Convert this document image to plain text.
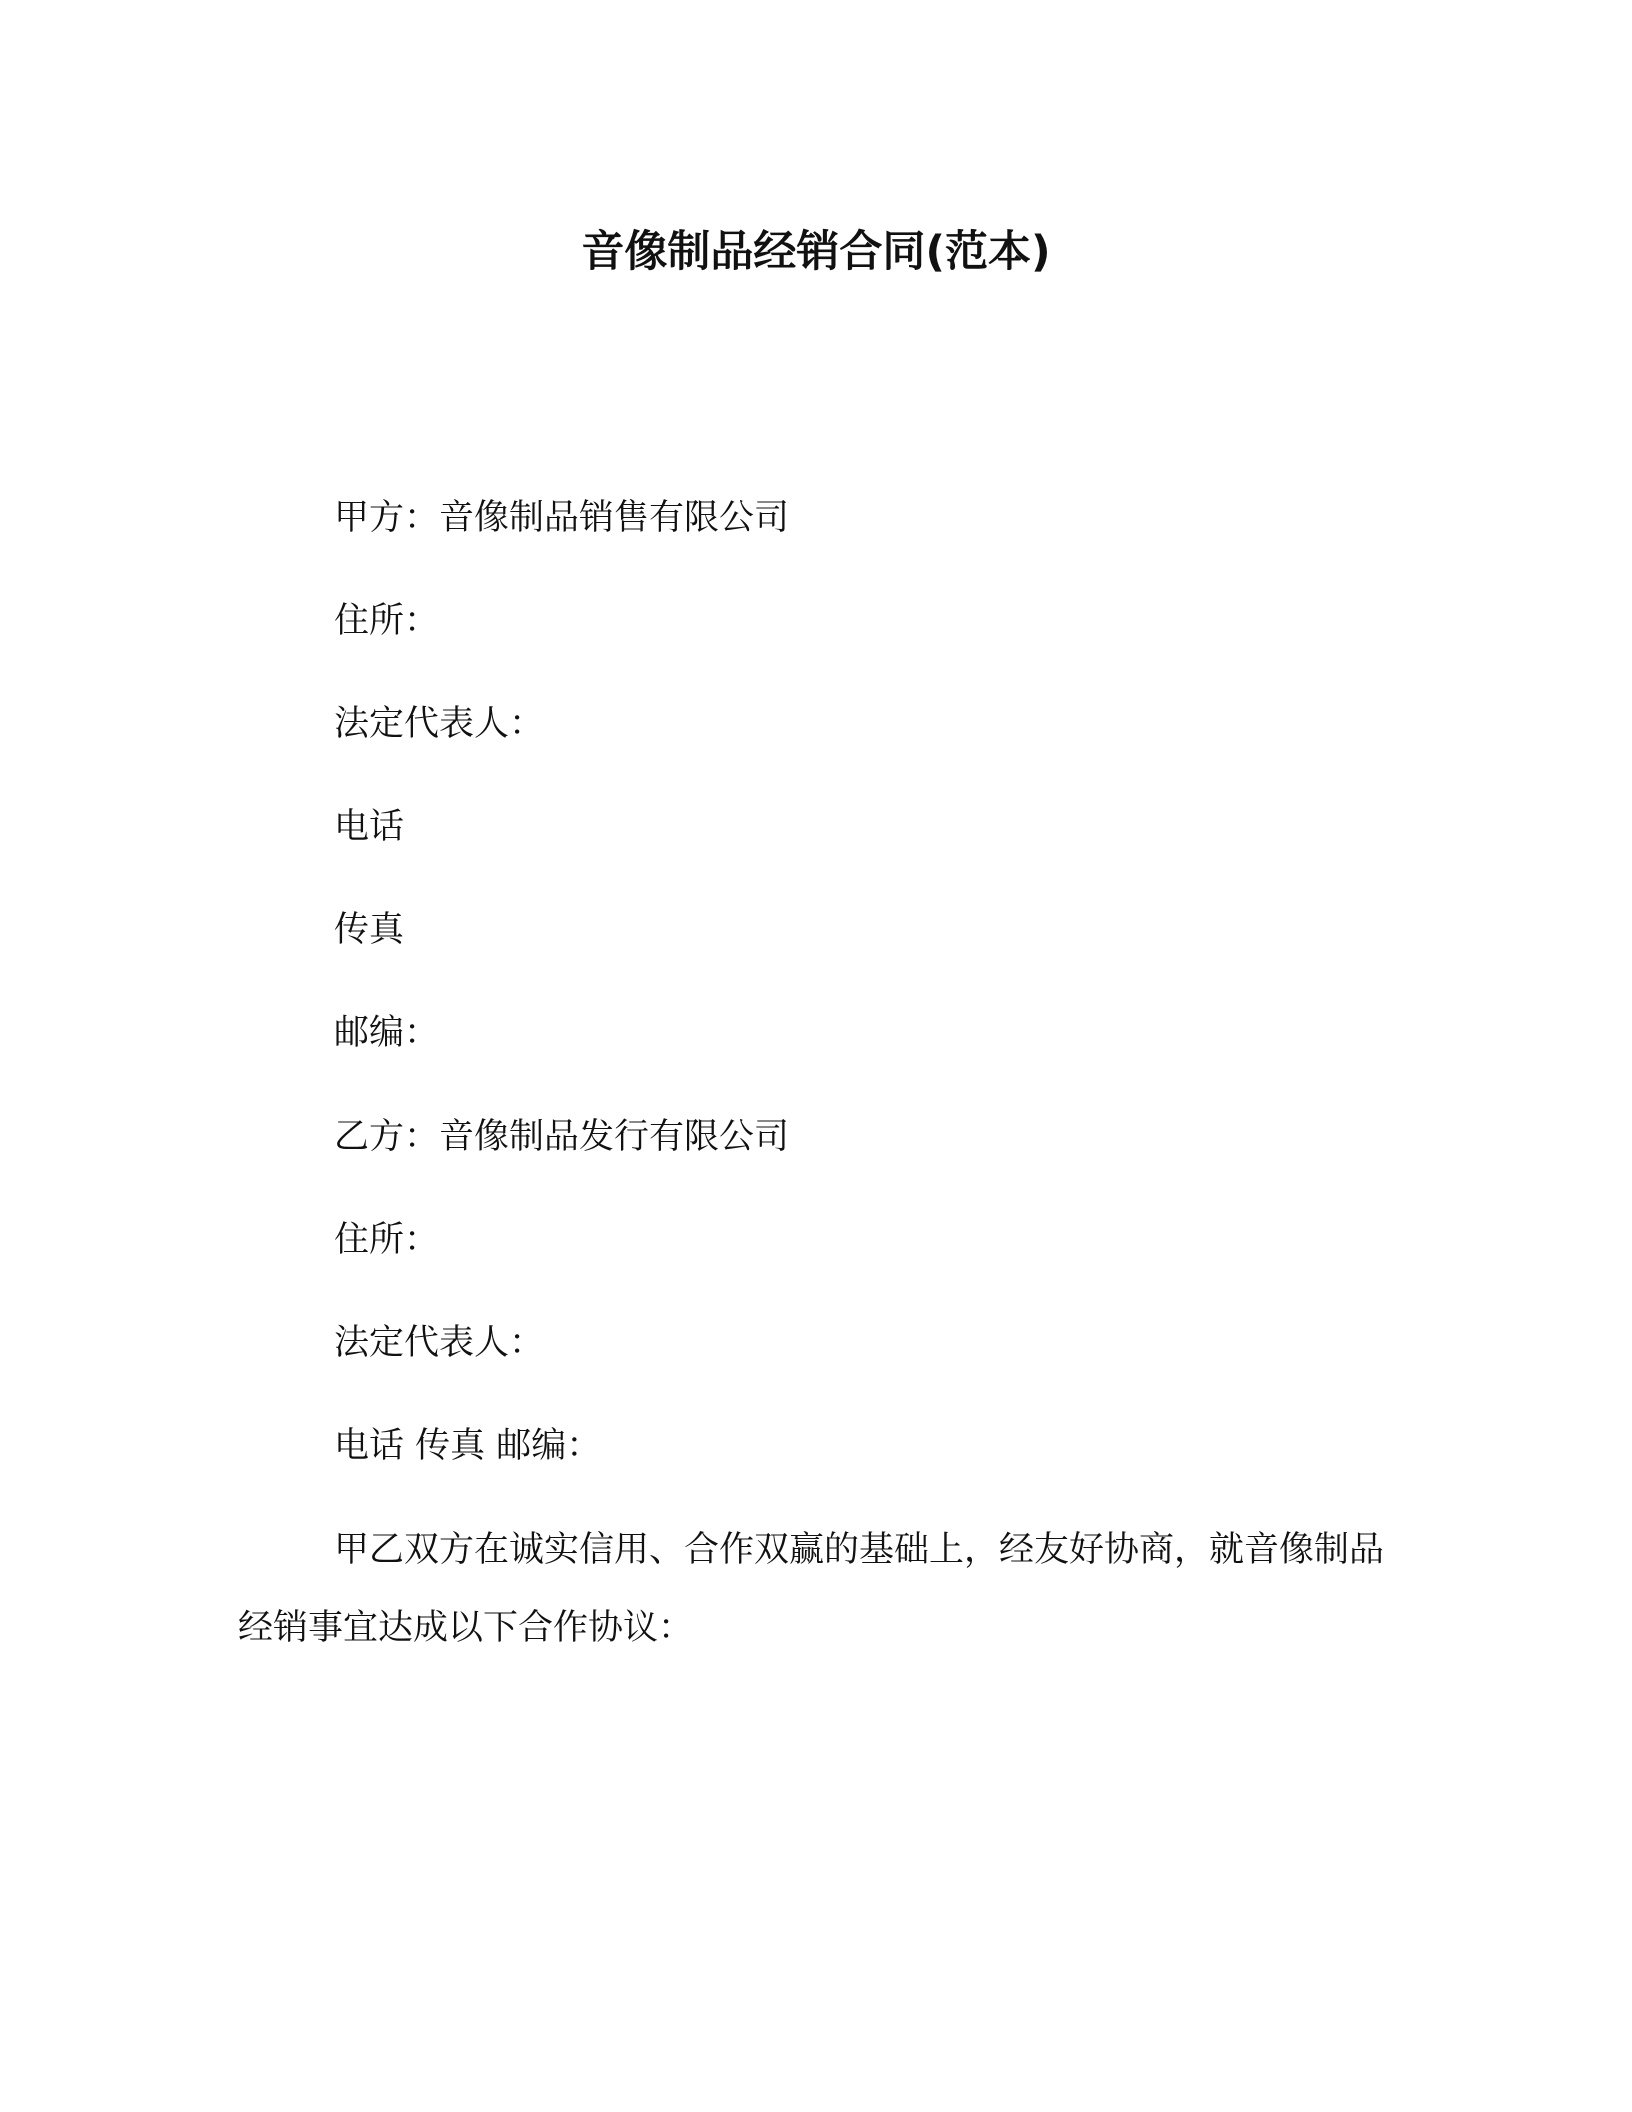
音像制品经销合同(范本)
甲方：音像制品销售有限公司
住所：
法定代表人：
电话
传真
邮编：
乙方：音像制品发行有限公司
住所：
法定代表人：
电话 传真 邮编：
甲乙双方在诚实信用、合作双赢的基础上，经友好协商，就音像制品经销事宜达成以下合作协议：
